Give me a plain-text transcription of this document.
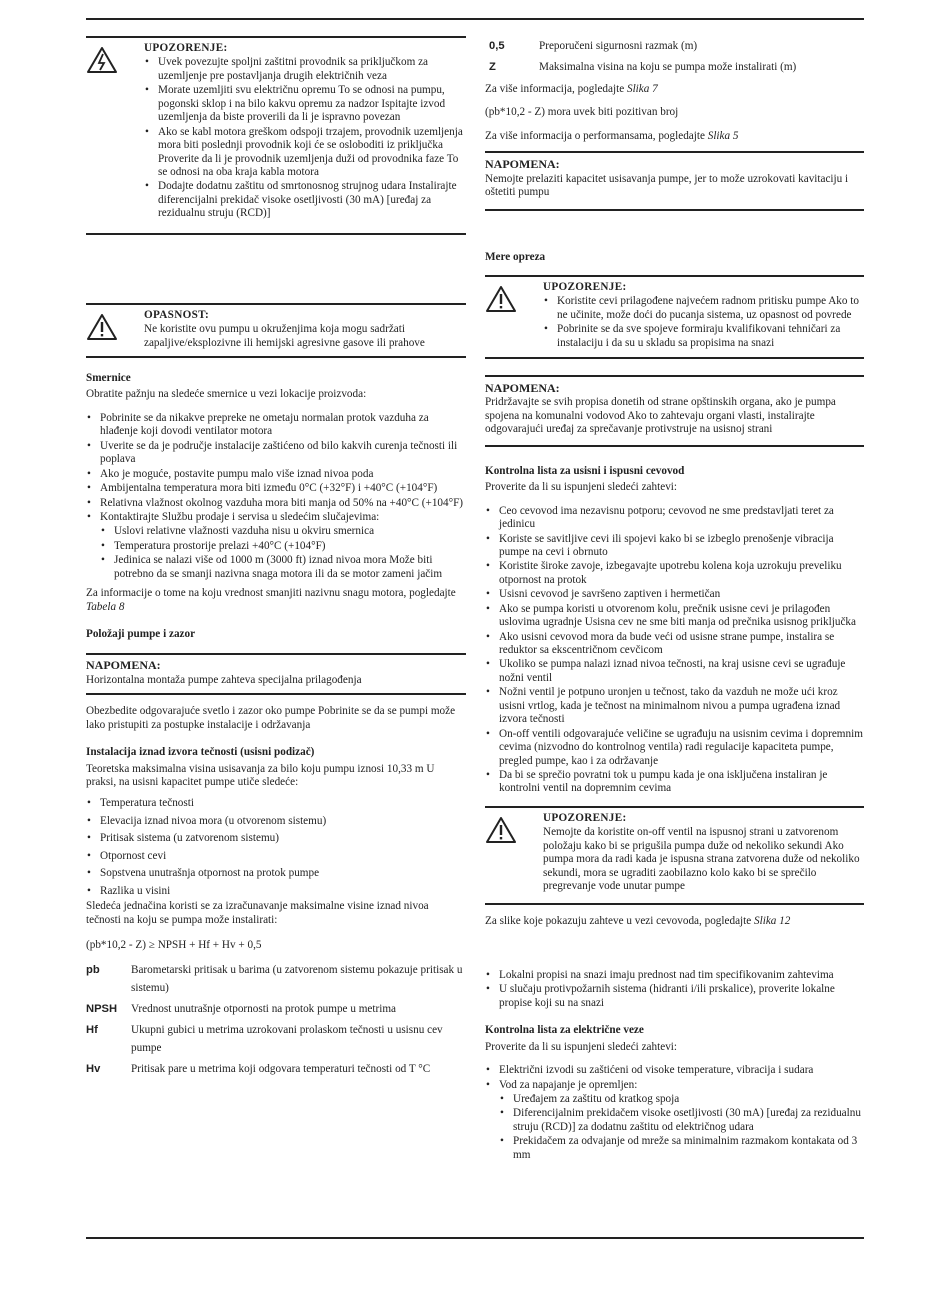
UPOZORENJE:
• Uvek povezujte spoljni zaštitni provodnik sa priključkom za uzemljenje pre postavljanja drugih električnih veza
• Morate uzemljiti svu električnu opremu To se odnosi na pumpu, pogonski sklop i na bilo kakvu opremu za nadzor Ispitajte izvod uzemljenja da biste proverili da li je ispravno povezan
• Ako se kabl motora greškom odspoji trzajem, provodnik uzemljenja mora biti poslednji provodnik koji će se osloboditi iz priključka Proverite da li je provodnik uzemljenja duži od provodnika faze To se odnosi na oba kraja kabla motora
• Dodajte dodatnu zaštitu od smrtonosnog strujnog udara Instalirajte diferencijalni prekidač visoke osetljivosti (30 mA) [uređaj za rezidualnu struju (RCD)]
OPASNOST:

Ne koristite ovu pumpu u okruženjima koja mogu sadržati zapaljive/eksplozivne ili hemijski agresivne gasove ili prahove

Smernice

Obratite pažnju na sledeće smernice u vezi lokacije proizvoda:

• Pobrinite se da nikakve prepreke ne ometaju normalan protok vazduha za hlađenje koji dovodi ventilator motora
• Uverite se da je područje instalacije zaštićeno od bilo kakvih curenja tečnosti ili poplava
• Ako je moguće, postavite pumpu malo više iznad nivoa poda
• Ambijentalna temperatura mora biti između 0°C (+32°F) i +40°C (+104°F)
• Relativna vlažnost okolnog vazduha mora biti manja od 50% na +40°C (+104°F)
• Kontaktirajte Službu prodaje i servisa u sledećim slučajevima:
• Uslovi relativne vlažnosti vazduha nisu u okviru smernica
• Temperatura prostorije prelazi +40°C (+104°F)
• Jedinica se nalazi više od 1000 m (3000 ft) iznad nivoa mora Može biti potrebno da se smanji nazivna snaga motora ili da se motor zameni jačim

Za informacije o tome na koju vrednost smanjiti nazivnu snagu motora, pogledajte Tabela 8

Položaji pumpe i zazor
NAPOMENA:

Horizontalna montaža pumpe zahteva specijalna prilagođenja

Obezbedite odgovarajuće svetlo i zazor oko pumpe Pobrinite se da se pumpi može lako pristupiti za postupke instalacije i održavanja

Instalacija iznad izvora tečnosti (usisni podizač)

Teoretska maksimalna visina usisavanja za bilo koju pumpu iznosi 10,33 m U praksi, na usisni kapacitet pumpe utiče sledeće:

• Temperatura tečnosti
• Elevacija iznad nivoa mora (u otvorenom sistemu)
• Pritisak sistema (u zatvorenom sistemu)
• Otpornost cevi
• Sopstvena unutrašnja otpornost na protok pumpe
• Razlika u visini

Sledeća jednačina koristi se za izračunavanje maksimalne visine iznad nivoa tečnosti na koju se pumpa može instalirati:

(pb*10,2 - Z) ≥ NPSH + Hf + Hv + 0,5

pb	Barometarski pritisak u barima (u zatvorenom sistemu pokazuje pritisak u sistemu)
NPSH	Vrednost unutrašnje otpornosti na protok pumpe u metrima
Hf	Ukupni gubici u metrima uzrokovani prolaskom tečnosti u usisnu cev pumpe
Hv	Pritisak pare u metrima koji odgovara temperaturi tečnosti od T °C
0,5	Preporučeni sigurnosni razmak (m)
Z	Maksimalna visina na koju se pumpa može instalirati (m)

Za više informacija, pogledajte Slika 7

(pb*10,2 - Z) mora uvek biti pozitivan broj

Za više informacija o performansama, pogledajte Slika 5

NAPOMENA:

Nemojte prelaziti kapacitet usisavanja pumpe, jer to može uzrokovati kavitaciju i oštetiti pumpu

Mere opreza
UPOZORENJE:
• Koristite cevi prilagođene najvećem radnom pritisku pumpe Ako to ne učinite, može doći do pucanja sistema, uz opasnost od povrede
• Pobrinite se da sve spojeve formiraju kvalifikovani tehničari za instalaciju i da su u skladu sa propisima na snazi
NAPOMENA:

Pridržavajte se svih propisa donetih od strane opštinskih organa, ako je pumpa spojena na komunalni vodovod Ako to zahtevaju organi vlasti, instalirajte odgovarajući uređaj za sprečavanje protivstruje na usisnoj strani

Kontrolna lista za usisni i ispusni cevovod

Proverite da li su ispunjeni sledeći zahtevi:

• Ceo cevovod ima nezavisnu potporu; cevovod ne sme predstavljati teret za jedinicu
• Koriste se savitljive cevi ili spojevi kako bi se izbeglo prenošenje vibracija pumpe na cevi i obrnuto
• Koristite široke zavoje, izbegavajte upotrebu kolena koja uzrokuju preveliku otpornost na protok
• Usisni cevovod je savršeno zaptiven i hermetičan
• Ako se pumpa koristi u otvorenom kolu, prečnik usisne cevi je prilagođen uslovima ugradnje Usisna cev ne sme biti manja od prečnika usisnog priključka
• Ako usisni cevovod mora da bude veći od usisne strane pumpe, instalira se reduktor sa ekscentričnom cevčicom
• Ukoliko se pumpa nalazi iznad nivoa tečnosti, na kraj usisne cevi se ugrađuje nožni ventil
• Nožni ventil je potpuno uronjen u tečnost, tako da vazduh ne može ući kroz usisni vrtlog, kada je tečnost na minimalnom nivou a pumpa ugrađena iznad izvora tečnosti
• On-off ventili odgovarajuće veličine se ugrađuju na usisnim cevima i dopremnim cevima (nizvodno do kontrolnog ventila) radi regulacije kapaciteta pumpe, pregled pumpe, kao i za održavanje
• Da bi se sprečio povratni tok u pumpu kada je ona isključena instaliran je kontrolni ventil na dopremnim cevima
UPOZORENJE:

Nemojte da koristite on-off ventil na ispusnoj strani u zatvorenom položaju kako bi se prigušila pumpa duže od nekoliko sekundi Ako pumpa mora da radi kada je ispusna strana zatvorena duže od nekoliko sekundi, mora se ugraditi zaobilazno kolo kako bi se sprečilo pregrevanje vode unutar pumpe

Za slike koje pokazuju zahteve u vezi cevovoda, pogledajte Slika 12

• Lokalni propisi na snazi imaju prednost nad tim specifikovanim zahtevima
• U slučaju protivpožarnih sistema (hidranti i/ili prskalice), proverite lokalne propise koji su na snazi
Kontrolna lista za električne veze

Proverite da li su ispunjeni sledeći zahtevi:

• Električni izvodi su zaštićeni od visoke temperature, vibracija i sudara
• Vod za napajanje je opremljen:
• Uređajem za zaštitu od kratkog spoja
• Diferencijalnim prekidačem visoke osetljivosti (30 mA) [uređaj za rezidualnu struju (RCD)] za dodatnu zaštitu od električnog udara
• Prekidačem za odvajanje od mreže sa minimalnim razmakom kontakata od 3 mm
